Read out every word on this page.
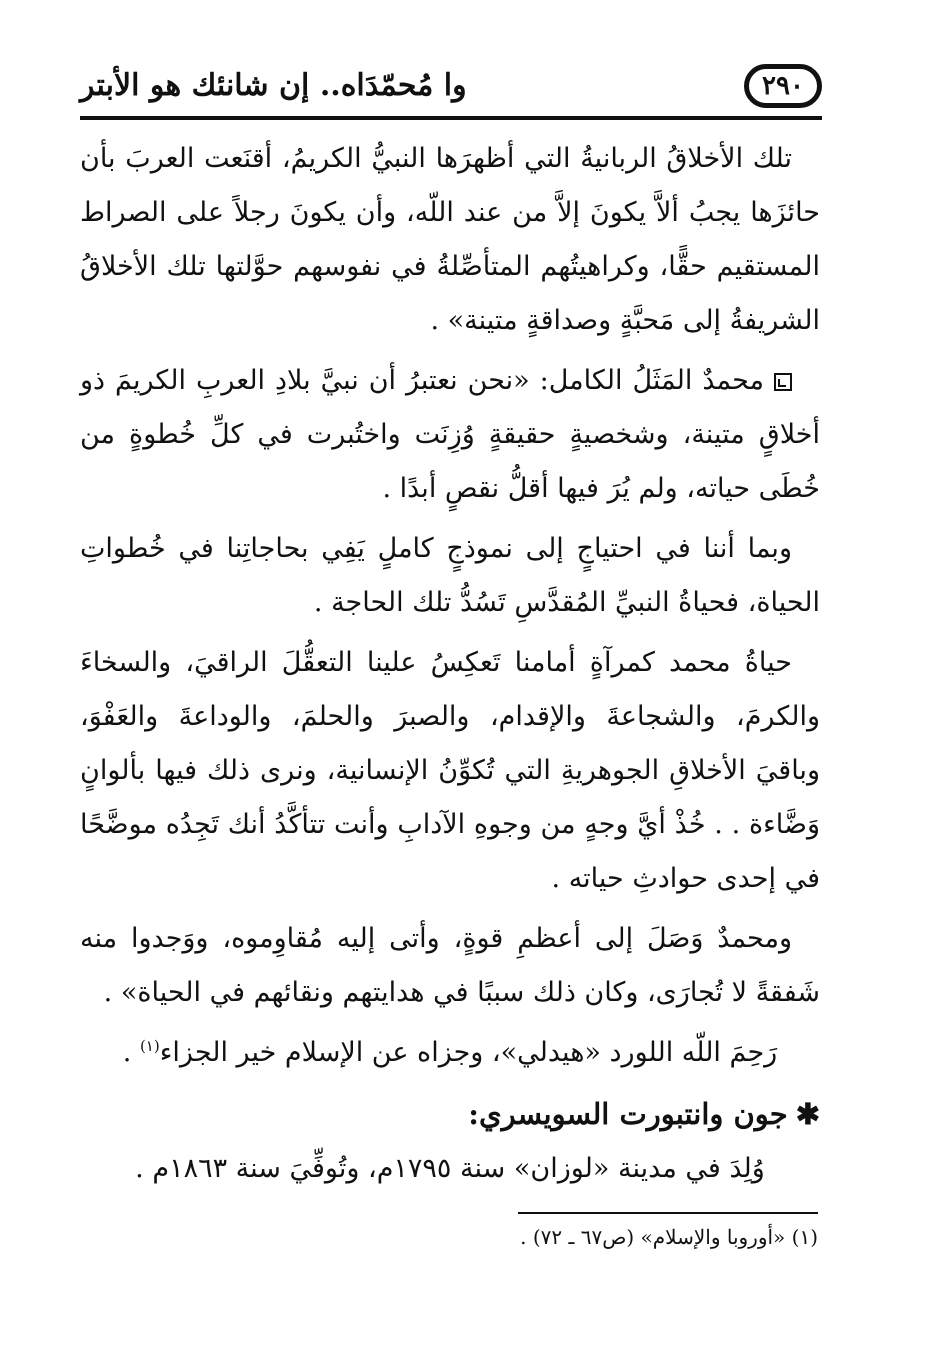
٢٩٠
وا مُحمّدَاه.. إن شانئك هو الأبتر

تلك الأخلاقُ الربانيةُ التي أظهرَها النبيُّ الكريمُ، أقنَعت العربَ بأن حائزَها يجبُ ألاَّ يكونَ إلاَّ من عند اللّه، وأن يكونَ رجلاً على الصراط المستقيم حقًّا، وكراهيتُهم المتأصِّلةُ في نفوسهم حوَّلتها تلك الأخلاقُ الشريفةُ إلى مَحبَّةٍ وصداقةٍ متينة» .

محمدٌ المَثَلُ الكامل: «نحن نعتبرُ أن نبيَّ بلادِ العربِ الكريمَ ذو أخلاقٍ متينة، وشخصيةٍ حقيقةٍ وُزِنَت واختُبرت في كلِّ خُطوةٍ من خُطَى حياته، ولم يُرَ فيها أقلُّ نقصٍ أبدًا .

وبما أننا في احتياجٍ إلى نموذجٍ كاملٍ يَفِي بحاجاتِنا في خُطواتِ الحياة، فحياةُ النبيِّ المُقدَّسِ تَسُدُّ تلك الحاجة .

حياةُ محمد كمرآةٍ أمامنا تَعكِسُ علينا التعقُّلَ الراقيَ، والسخاءَ والكرمَ، والشجاعةَ والإقدام، والصبرَ والحلمَ، والوداعةَ والعَفْوَ، وباقيَ الأخلاقِ الجوهريةِ التي تُكوِّنُ الإنسانية، ونرى ذلك فيها بألوانٍ وَضَّاءة . . خُذْ أيَّ وجهٍ من وجوهِ الآدابِ وأنت تتأكَّدُ أنك تَجِدُه موضَّحًا في إحدى حوادثِ حياته .

ومحمدٌ وَصَلَ إلى أعظمِ قوةٍ، وأتى إليه مُقاوِموه، ووَجدوا منه شَفقةً لا تُجارَى، وكان ذلك سببًا في هدايتهم ونقائهم في الحياة» .

رَحِمَ اللّه اللورد «هيدلي»، وجزاه عن الإسلام خير الجزاء$^{(١)}$ .

✱جون وانتبورت السويسري:

وُلِدَ في مدينة «لوزان» سنة ١٧٩٥م، وتُوفِّيَ سنة ١٨٦٣م .

(١) «أوروبا والإسلام» (ص٦٧ ـ ٧٢) .
